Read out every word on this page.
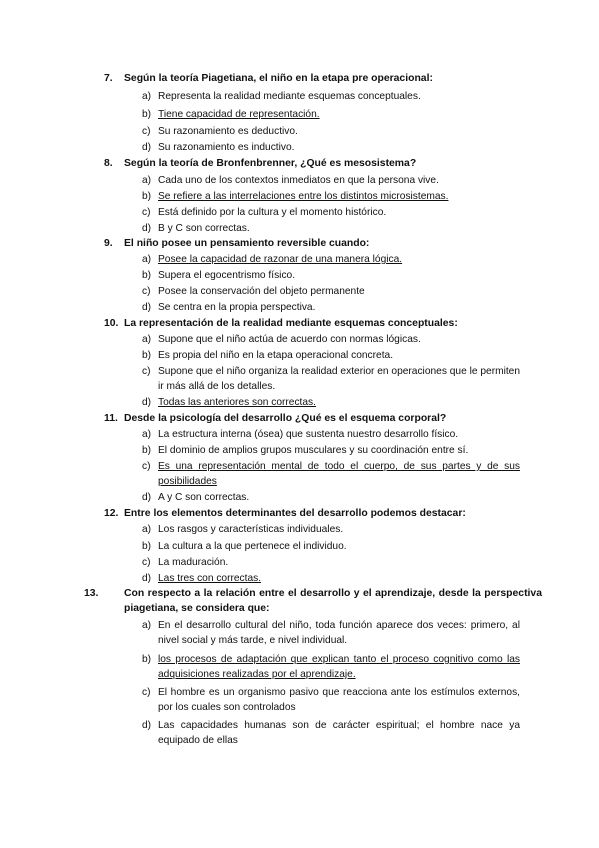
7. Según la teoría Piagetiana, el niño en la etapa pre operacional:
a) Representa la realidad mediante esquemas conceptuales.
b) Tiene capacidad de representación.
c) Su razonamiento es deductivo.
d) Su razonamiento es inductivo.
8. Según la teoría de Bronfenbrenner, ¿Qué es mesosistema?
a) Cada uno de los contextos inmediatos en que la persona vive.
b) Se refiere a las interrelaciones entre los distintos microsistemas.
c) Está definido por la cultura y el momento histórico.
d) B y C son correctas.
9. El niño posee un pensamiento reversible cuando:
a) Posee la capacidad de razonar de una manera lógica.
b) Supera el egocentrismo físico.
c) Posee la conservación del objeto permanente
d) Se centra en la propia perspectiva.
10. La representación de la realidad mediante esquemas conceptuales:
a) Supone que el niño actúa de acuerdo con normas lógicas.
b) Es propia del niño en la etapa operacional concreta.
c) Supone que el niño organiza la realidad exterior en operaciones que le permiten ir más allá de los detalles.
d) Todas las anteriores son correctas.
11. Desde la psicología del desarrollo ¿Qué es el esquema corporal?
a) La estructura interna (ósea) que sustenta nuestro desarrollo físico.
b) El dominio de amplios grupos musculares y su coordinación entre sí.
c) Es una representación mental de todo el cuerpo, de sus partes y de sus posibilidades
d) A y C son correctas.
12. Entre los elementos determinantes del desarrollo podemos destacar:
a) Los rasgos y características individuales.
b) La cultura a la que pertenece el individuo.
c) La maduración.
d) Las tres con correctas.
13. Con respecto a la relación entre el desarrollo y el aprendizaje, desde la perspectiva piagetiana, se considera que:
a) En el desarrollo cultural del niño, toda función aparece dos veces: primero, al nivel social y más tarde, e nivel individual.
b) los procesos de adaptación que explican tanto el proceso cognitivo como las adquisiciones realizadas por el aprendizaje.
c) El hombre es un organismo pasivo que reacciona ante los estímulos externos, por los cuales son controlados
d) Las capacidades humanas son de carácter espiritual; el hombre nace ya equipado de ellas
